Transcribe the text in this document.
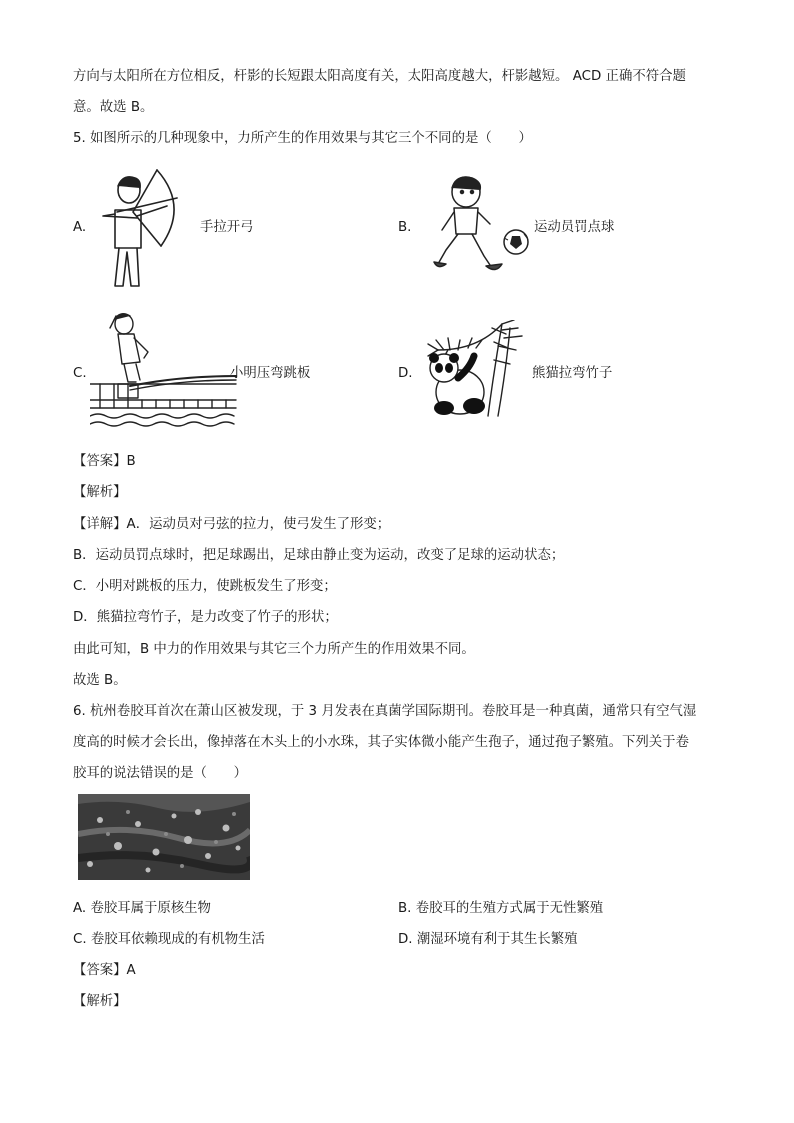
方向与太阳所在方位相反，杆影的长短跟太阳高度有关，太阳高度越大，杆影越短。 ACD 正确不符合题
意。故选 B。
5. 如图所示的几种现象中，力所产生的作用效果与其它三个不同的是（　　）
A.	手拉开弓	B.	运动员罚点球
C.	小明压弯跳板	D.	熊猫拉弯竹子
【答案】B
【解析】
【详解】A．运动员对弓弦的拉力，使弓发生了形变；
B．运动员罚点球时，把足球踢出，足球由静止变为运动，改变了足球的运动状态；
C．小明对跳板的压力，使跳板发生了形变；
D．熊猫拉弯竹子，是力改变了竹子的形状；
由此可知，B 中力的作用效果与其它三个力所产生的作用效果不同。
故选 B。
6. 杭州卷胶耳首次在萧山区被发现，于 3 月发表在真菌学国际期刊。卷胶耳是一种真菌，通常只有空气湿
度高的时候才会长出，像掉落在木头上的小水珠，其子实体微小能产生孢子，通过孢子繁殖。下列关于卷
胶耳的说法错误的是（　　）
A. 卷胶耳属于原核生物	B. 卷胶耳的生殖方式属于无性繁殖
C. 卷胶耳依赖现成的有机物生活	D. 潮湿环境有利于其生长繁殖
【答案】A
【解析】
